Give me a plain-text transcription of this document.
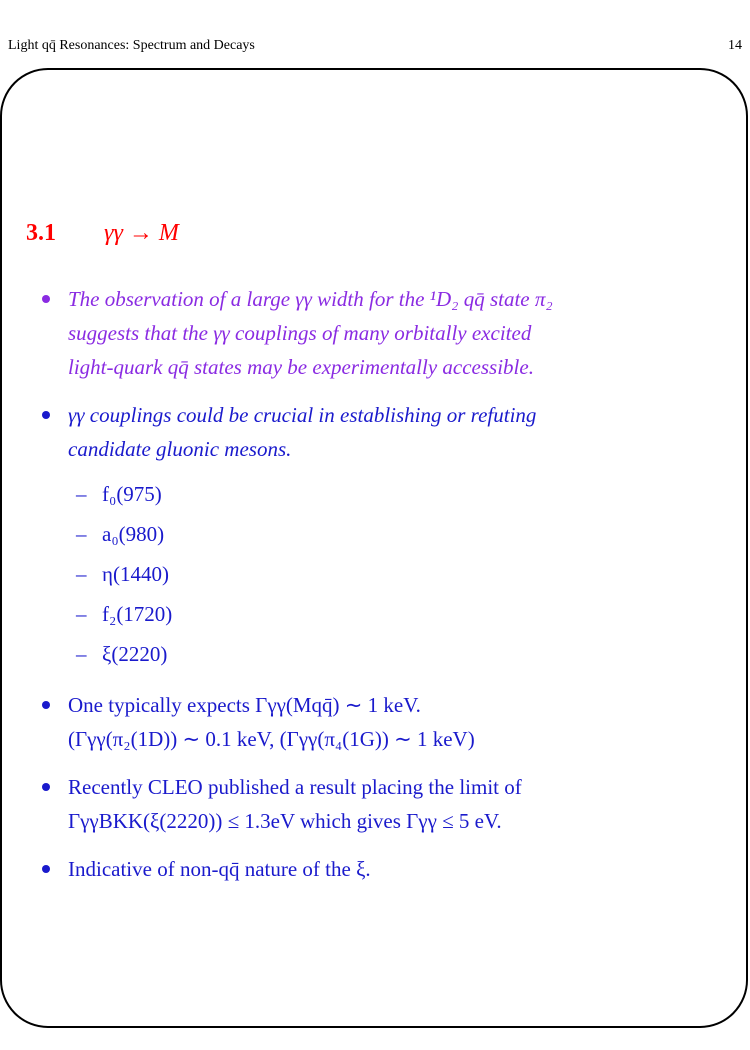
Light qq̄ Resonances: Spectrum and Decays	14
3.1 γγ → M
The observation of a large γγ width for the ¹D₂ qq̄ state π₂
suggests that the γγ couplings of many orbitally excited
light-quark qq̄ states may be experimentally accessible.
γγ couplings could be crucial in establishing or refuting
candidate gluonic mesons.
– f₀(975)
– a₀(980)
– η(1440)
– f₂(1720)
– ξ(2220)
One typically expects Γγγ(Mqq̄) ∼ 1 keV.
(Γγγ(π₂(1D)) ∼ 0.1 keV, (Γγγ(π₄(1G)) ∼ 1 keV)
Recently CLEO published a result placing the limit of
ΓγγBKK(ξ(2220)) ≤ 1.3eV which gives Γγγ ≤ 5 eV.
Indicative of non-qq̄ nature of the ξ.
